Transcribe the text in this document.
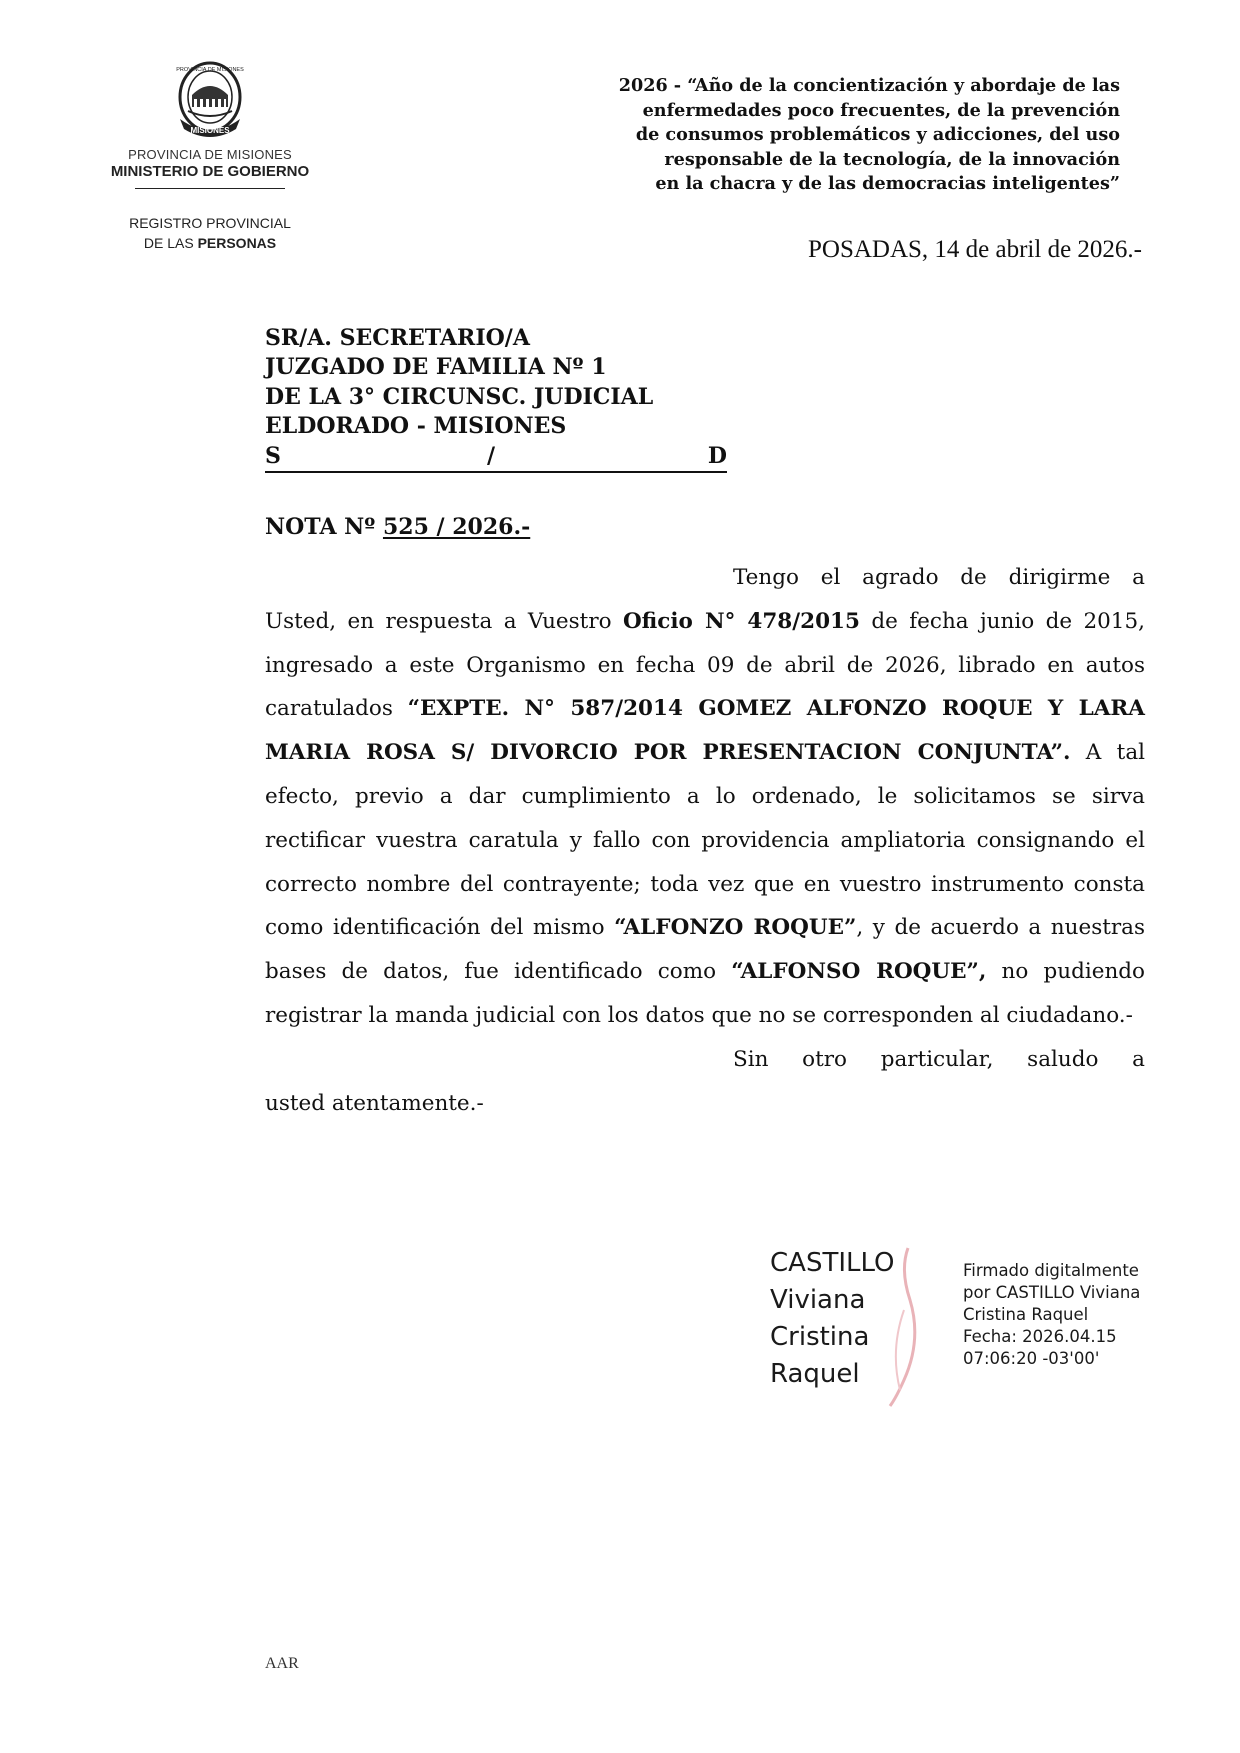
MISIONES
PROVINCIA DE MISIONES
PROVINCIA DE MISIONES
MINISTERIO DE GOBIERNO
REGISTRO PROVINCIAL
DE LAS PERSONAS
2026 - “Año de la concientización y abordaje de las
enfermedades poco frecuentes, de la prevención
de consumos problemáticos y adicciones, del uso
responsable de la tecnología, de la innovación
en la chacra y de las democracias inteligentes”
POSADAS, 14 de abril de 2026.-
SR/A. SECRETARIO/A
JUZGADO DE FAMILIA Nº 1
DE LA 3° CIRCUNSC. JUDICIAL
ELDORADO - MISIONES
S	/	D
NOTA Nº 525 / 2026.-

Tengo el agrado de dirigirme a

Usted, en respuesta a Vuestro Oficio N° 478/2015 de fecha junio de 2015, ingresado a este Organismo en fecha 09 de abril de 2026, librado en autos caratulados “EXPTE. N° 587/2014 GOMEZ ALFONZO ROQUE Y LARA MARIA ROSA S/ DIVORCIO POR PRESENTACION CONJUNTA”. A tal efecto, previo a dar cumplimiento a lo ordenado, le solicitamos se sirva rectificar vuestra caratula y fallo con providencia ampliatoria consignando el correcto nombre del contrayente; toda vez que en vuestro instrumento consta como identificación del mismo “ALFONZO ROQUE”, y de acuerdo a nuestras bases de datos, fue identificado como “ALFONSO ROQUE”, no pudiendo registrar la manda judicial con los datos que no se corresponden al ciudadano.-

Sin otro particular, saludo a

usted atentamente.-

CASTILLO
Viviana
Cristina
Raquel
Firmado digitalmente
por CASTILLO Viviana
Cristina Raquel
Fecha: 2026.04.15
07:06:20 -03'00'
AAR
